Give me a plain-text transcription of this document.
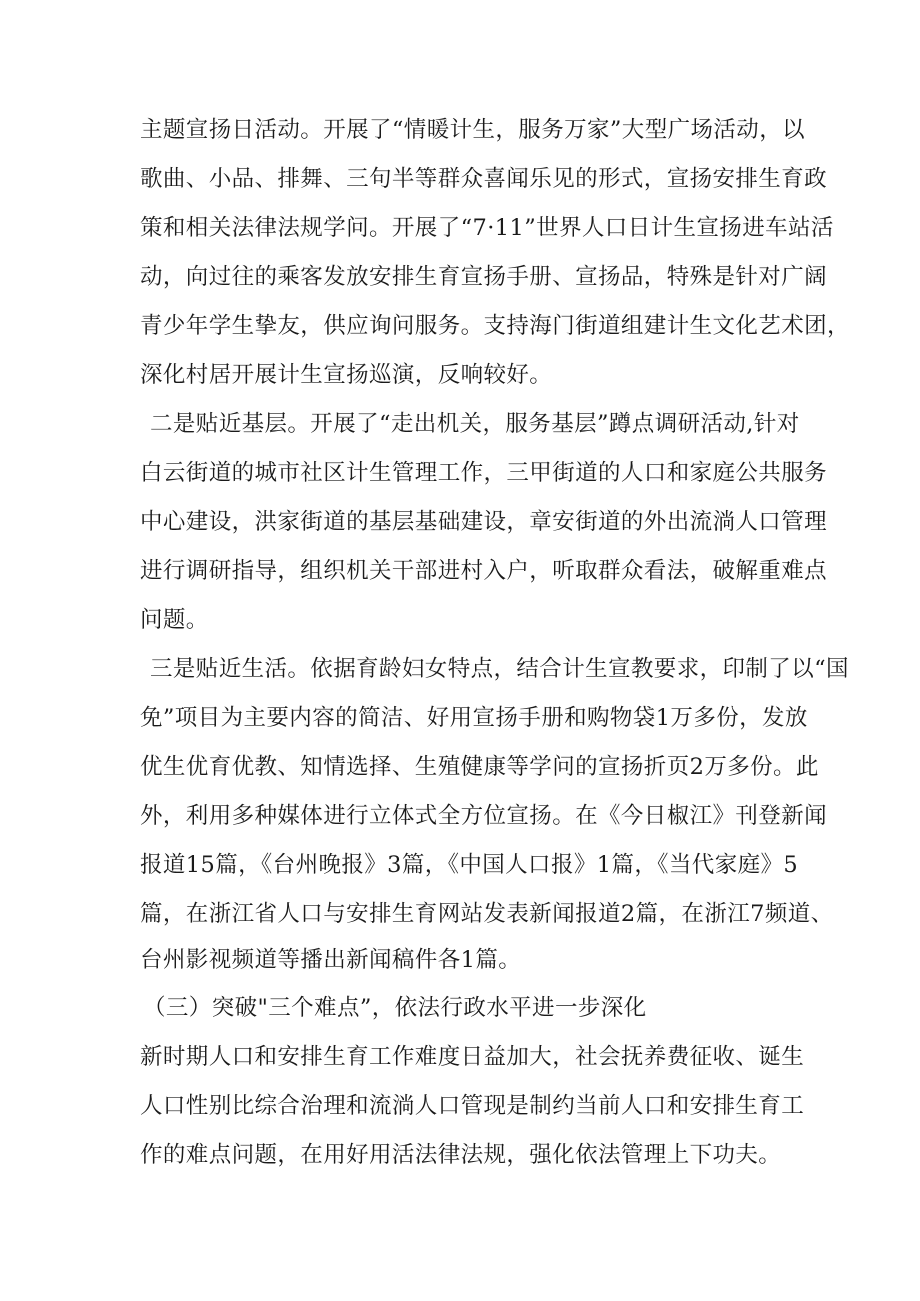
主题宣扬日活动。开展了“情暖计生，服务万家”大型广场活动，以
歌曲、小品、排舞、三句半等群众喜闻乐见的形式，宣扬安排生育政
策和相关法律法规学问。开展了“7·11”世界人口日计生宣扬进车站活
动，向过往的乘客发放安排生育宣扬手册、宣扬品，特殊是针对广阔
青少年学生挚友，供应询问服务。支持海门街道组建计生文化艺术团，
深化村居开展计生宣扬巡演，反响较好。
二是贴近基层。开展了“走出机关，服务基层”蹲点调研活动,针对
白云街道的城市社区计生管理工作，三甲街道的人口和家庭公共服务
中心建设，洪家街道的基层基础建设，章安街道的外出流淌人口管理
进行调研指导，组织机关干部进村入户，听取群众看法，破解重难点
问题。
三是贴近生活。依据育龄妇女特点，结合计生宣教要求，印制了以“国
免”项目为主要内容的简洁、好用宣扬手册和购物袋1万多份，发放
优生优育优教、知情选择、生殖健康等学问的宣扬折页2万多份。此
外，利用多种媒体进行立体式全方位宣扬。在《今日椒江》刊登新闻
报道15篇，《台州晚报》3篇，《中国人口报》1篇，《当代家庭》5
篇，在浙江省人口与安排生育网站发表新闻报道2篇，在浙江7频道、
台州影视频道等播出新闻稿件各1篇。
（三）突破"三个难点”，依法行政水平进一步深化
新时期人口和安排生育工作难度日益加大，社会抚养费征收、诞生
人口性别比综合治理和流淌人口管现是制约当前人口和安排生育工
作的难点问题，在用好用活法律法规，强化依法管理上下功夫。
